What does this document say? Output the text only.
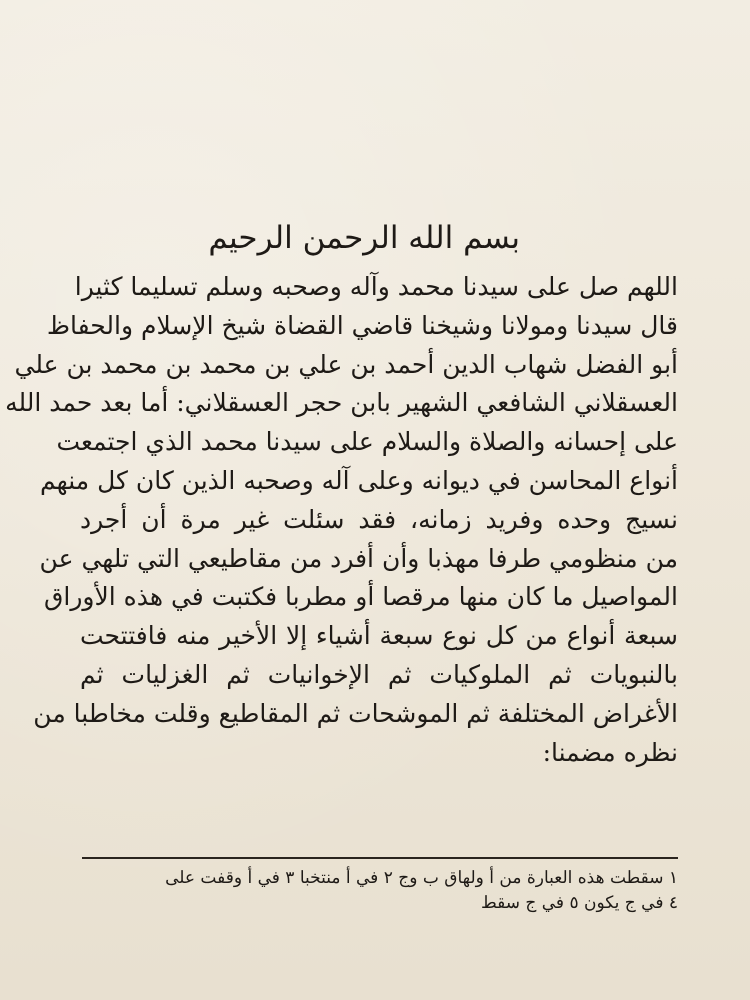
بسم الله الرحمن الرحيم
اللهم صل على سيدنا محمد وآله وصحبه وسلم تسليما كثيرا
قال سيدنا ومولانا وشيخنا قاضي القضاة شيخ الإسلام والحفاظ
أبو الفضل شهاب الدين أحمد بن علي بن محمد بن محمد بن علي
العسقلاني الشافعي الشهير بابن حجر العسقلاني: أما بعد حمد الله
على إحسانه والصلاة والسلام على سيدنا محمد الذي اجتمعت
أنواع المحاسن في ديوانه وعلى آله وصحبه الذين كان كل منهم
نسيج وحده وفريد زمانه، فقد سئلت غير مرة أن أجرد
من منظومي طرفا مهذبا وأن أفرد من مقاطيعي التي تلهي عن
المواصيل ما كان منها مرقصا أو مطربا فكتبت في هذه الأوراق
سبعة أنواع من كل نوع سبعة أشياء إلا الأخير منه فافتتحت
بالنبويات ثم الملوكيات ثم الإخوانيات ثم الغزليات ثم
الأغراض المختلفة ثم الموشحات ثم المقاطيع وقلت مخاطبا من
نظره مضمنا:
١ سقطت هذه العبارة من أ ولهاق ب وج ٢ في أ منتخبا ٣ في أ وقفت على
٤ في ج يكون ٥ في ج سقط
